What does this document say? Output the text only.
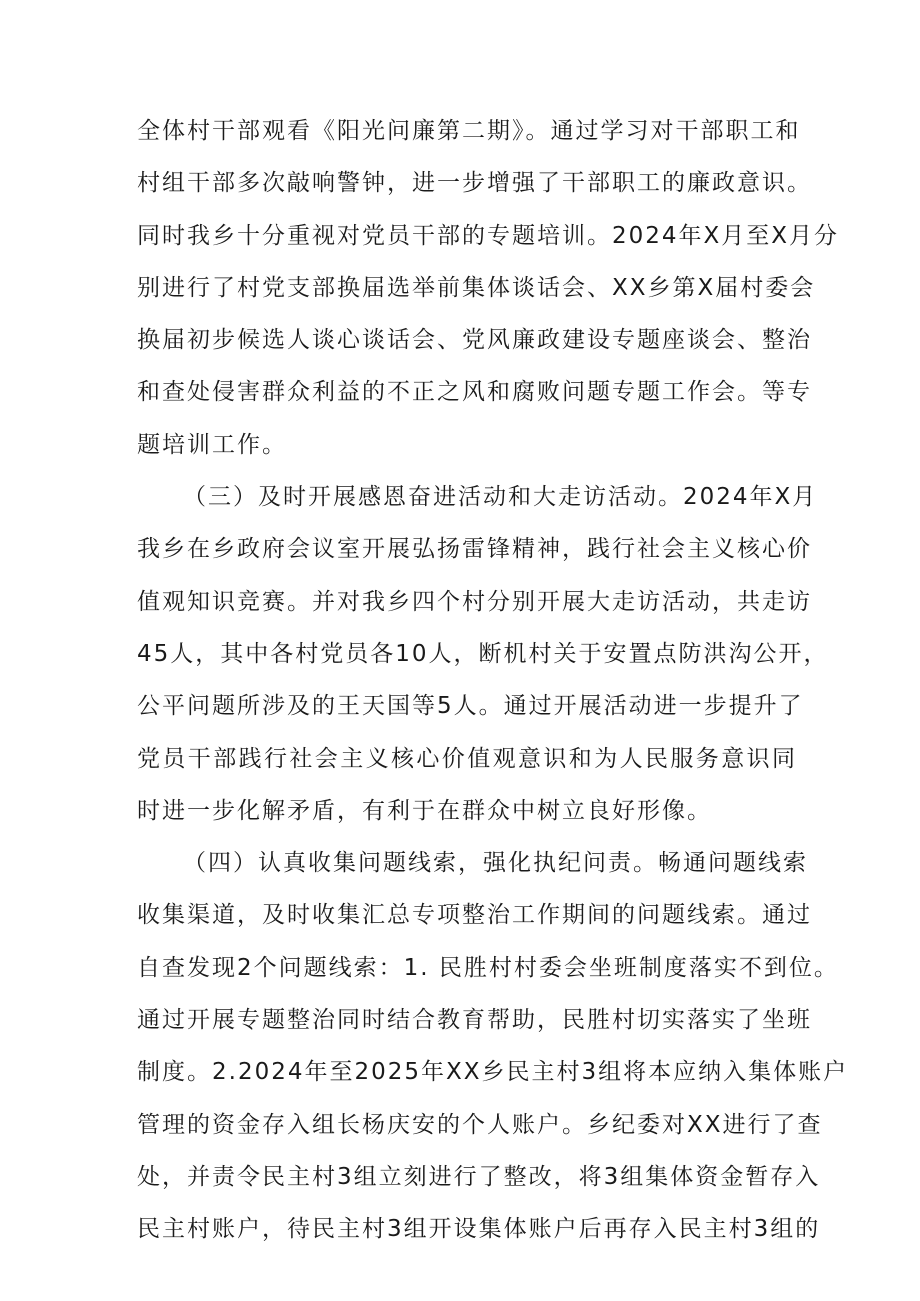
全体村干部观看《阳光问廉第二期》。通过学习对干部职工和
村组干部多次敲响警钟，进一步增强了干部职工的廉政意识。
同时我乡十分重视对党员干部的专题培训。2024年X月至X月分
别进行了村党支部换届选举前集体谈话会、XX乡第X届村委会
换届初步候选人谈心谈话会、党风廉政建设专题座谈会、整治
和查处侵害群众利益的不正之风和腐败问题专题工作会。等专
题培训工作。
（三）及时开展感恩奋进活动和大走访活动。2024年X月
我乡在乡政府会议室开展弘扬雷锋精神，践行社会主义核心价
值观知识竞赛。并对我乡四个村分别开展大走访活动，共走访
45人，其中各村党员各10人，断机村关于安置点防洪沟公开，
公平问题所涉及的王天国等5人。通过开展活动进一步提升了
党员干部践行社会主义核心价值观意识和为人民服务意识同
时进一步化解矛盾，有利于在群众中树立良好形像。
（四）认真收集问题线索，强化执纪问责。畅通问题线索
收集渠道，及时收集汇总专项整治工作期间的问题线索。通过
自查发现2个问题线索：1. 民胜村村委会坐班制度落实不到位。
通过开展专题整治同时结合教育帮助，民胜村切实落实了坐班
制度。2.2024年至2025年XX乡民主村3组将本应纳入集体账户
管理的资金存入组长杨庆安的个人账户。乡纪委对XX进行了查
处，并责令民主村3组立刻进行了整改，将3组集体资金暂存入
民主村账户，待民主村3组开设集体账户后再存入民主村3组的
